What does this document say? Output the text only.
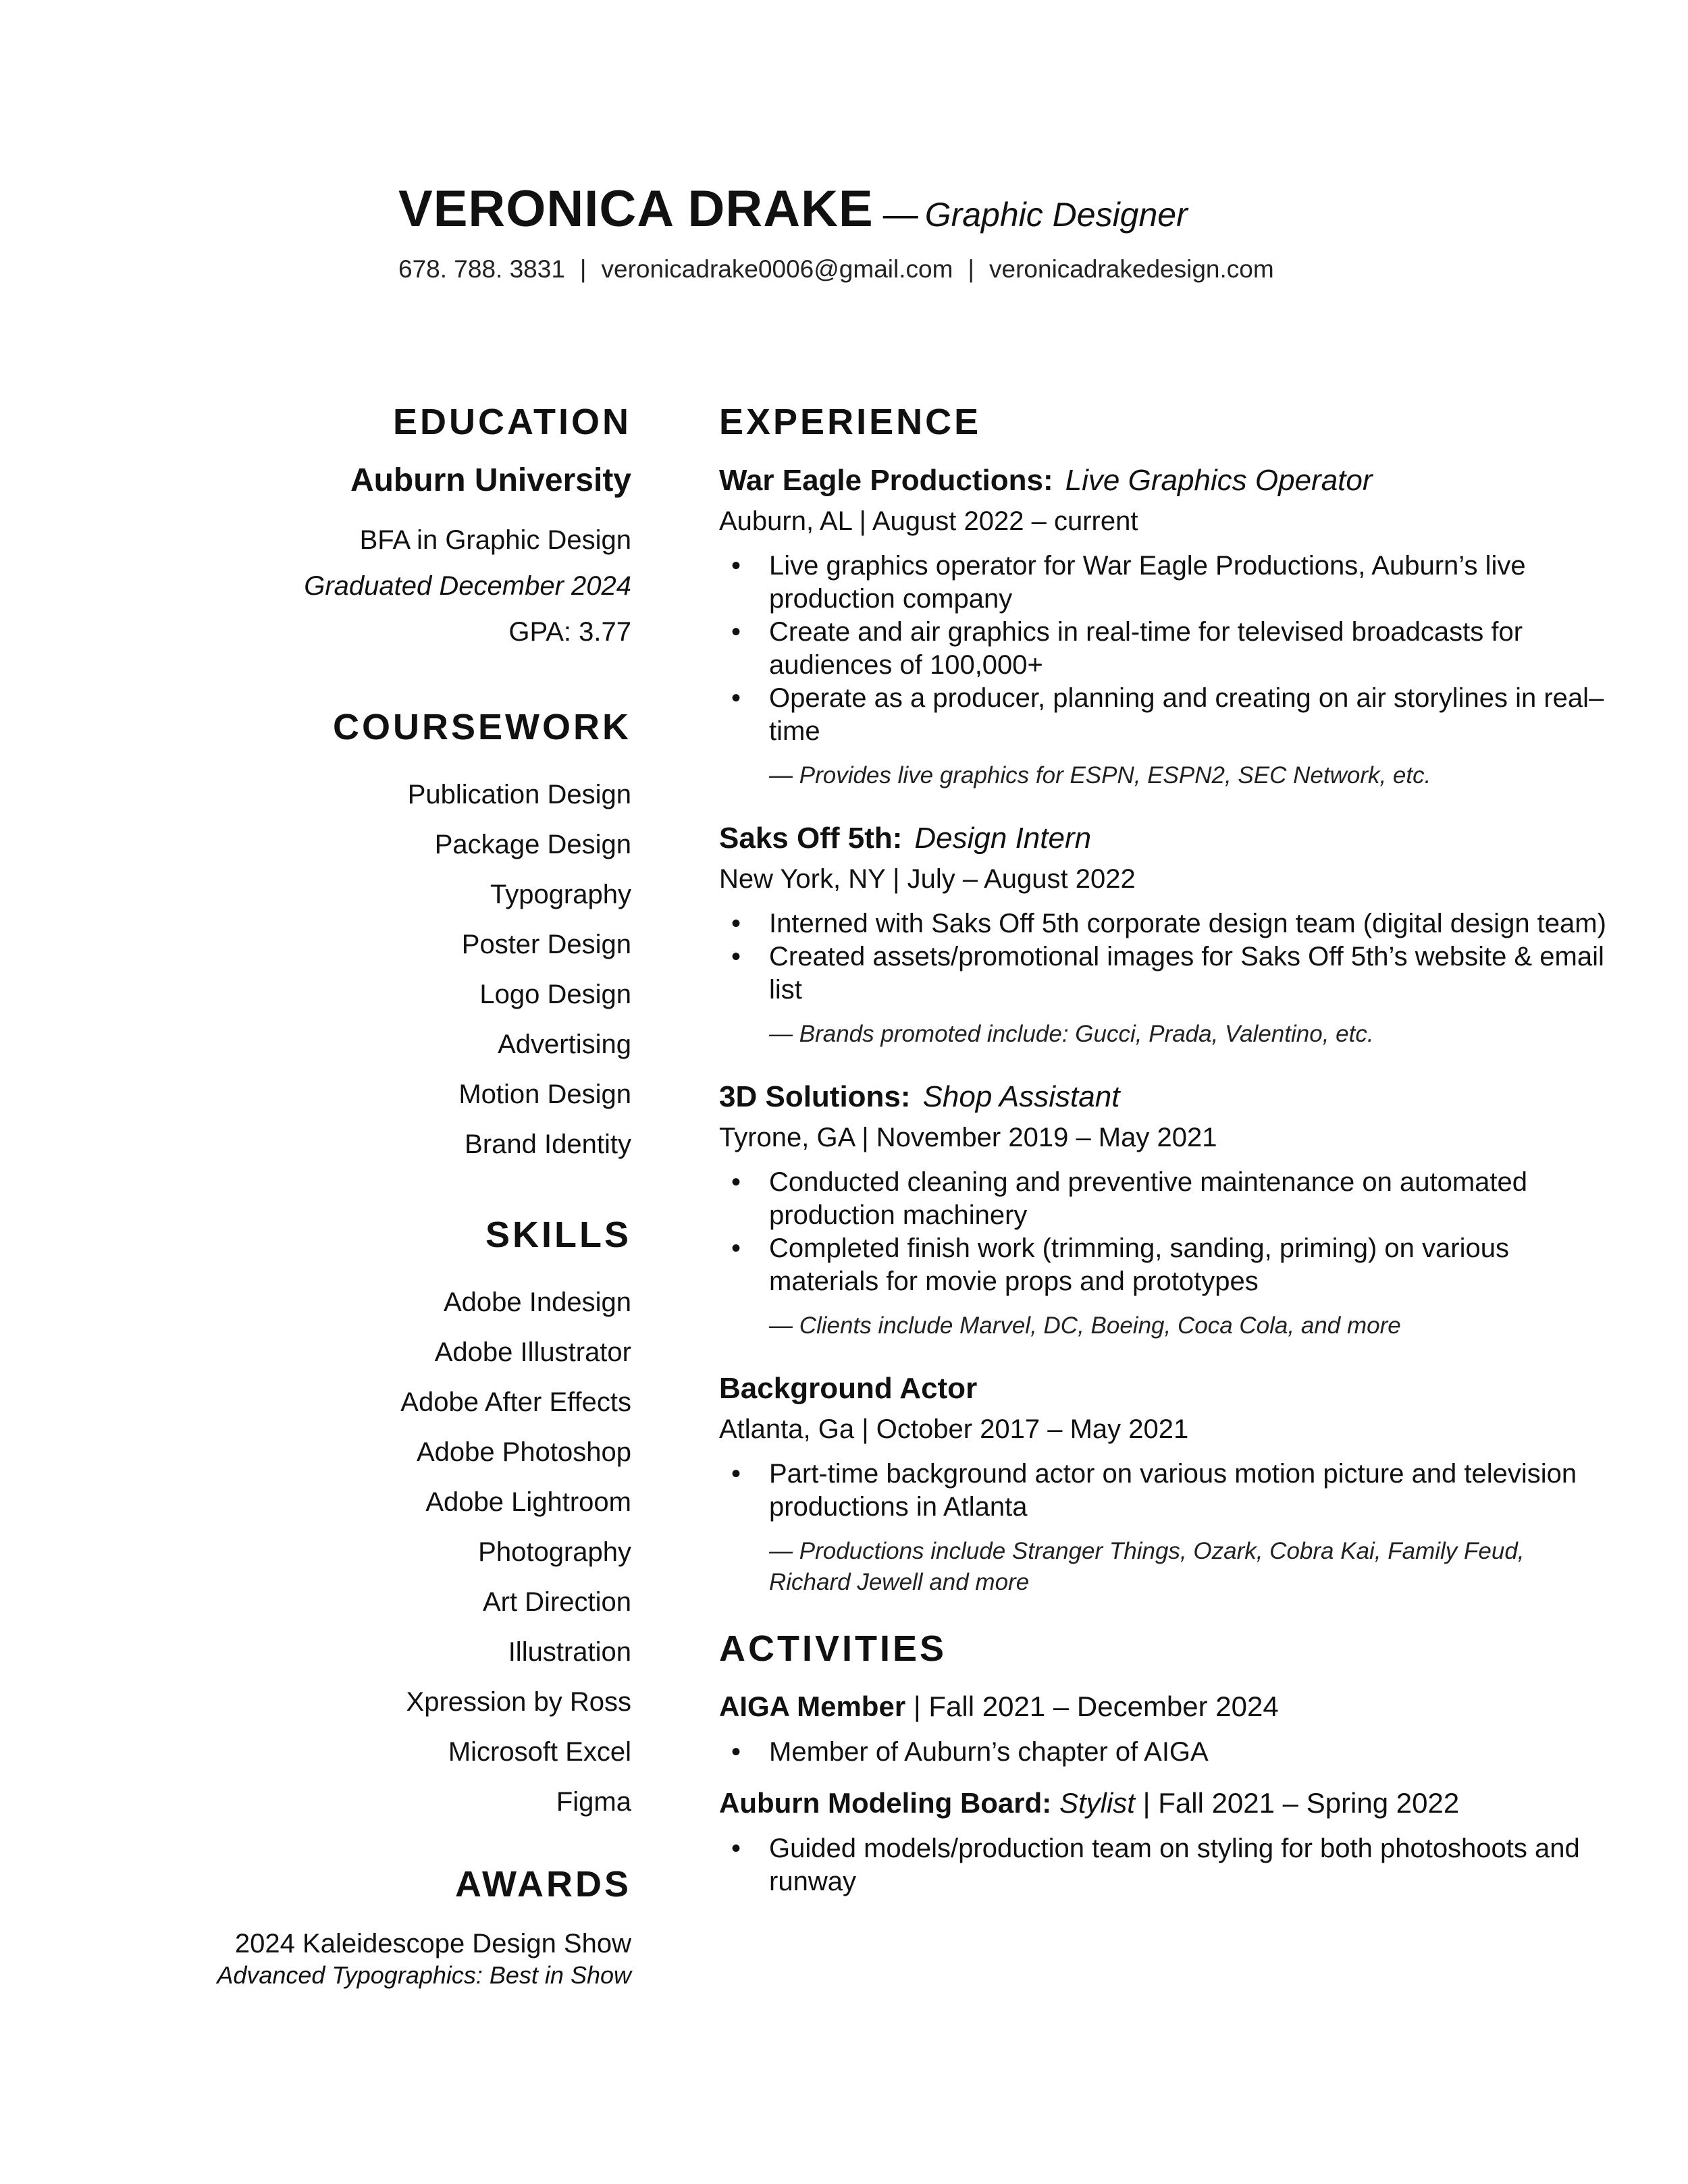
VERONICA DRAKE — Graphic Designer
678. 788. 3831 | veronicadrake0006@gmail.com | veronicadrakedesign.com
EDUCATION
Auburn University
BFA in Graphic Design
Graduated December 2024
GPA: 3.77
COURSEWORK
Publication Design
Package Design
Typography
Poster Design
Logo Design
Advertising
Motion Design
Brand Identity
SKILLS
Adobe Indesign
Adobe Illustrator
Adobe After Effects
Adobe Photoshop
Adobe Lightroom
Photography
Art Direction
Illustration
Xpression by Ross
Microsoft Excel
Figma
AWARDS
2024 Kaleidescope Design Show
Advanced Typographics: Best in Show
EXPERIENCE
War Eagle Productions: Live Graphics Operator
Auburn, AL | August 2022 – current
• Live graphics operator for War Eagle Productions, Auburn’s live production company
• Create and air graphics in real-time for televised broadcasts for audiences of 100,000+
• Operate as a producer, planning and creating on air storylines in real–time
— Provides live graphics for ESPN, ESPN2, SEC Network, etc.
Saks Off 5th: Design Intern
New York, NY | July – August 2022
• Interned with Saks Off 5th corporate design team (digital design team)
• Created assets/promotional images for Saks Off 5th’s website & email list
— Brands promoted include: Gucci, Prada, Valentino, etc.
3D Solutions: Shop Assistant
Tyrone, GA | November 2019 – May 2021
• Conducted cleaning and preventive maintenance on automated production machinery
• Completed finish work (trimming, sanding, priming) on various materials for movie props and prototypes
— Clients include Marvel, DC, Boeing, Coca Cola, and more
Background Actor
Atlanta, Ga | October 2017 – May 2021
• Part-time background actor on various motion picture and television productions in Atlanta
— Productions include Stranger Things, Ozark, Cobra Kai, Family Feud, Richard Jewell and more
ACTIVITIES
AIGA Member | Fall 2021 – December 2024
• Member of Auburn’s chapter of AIGA
Auburn Modeling Board: Stylist | Fall 2021 – Spring 2022
• Guided models/production team on styling for both photoshoots and runway
